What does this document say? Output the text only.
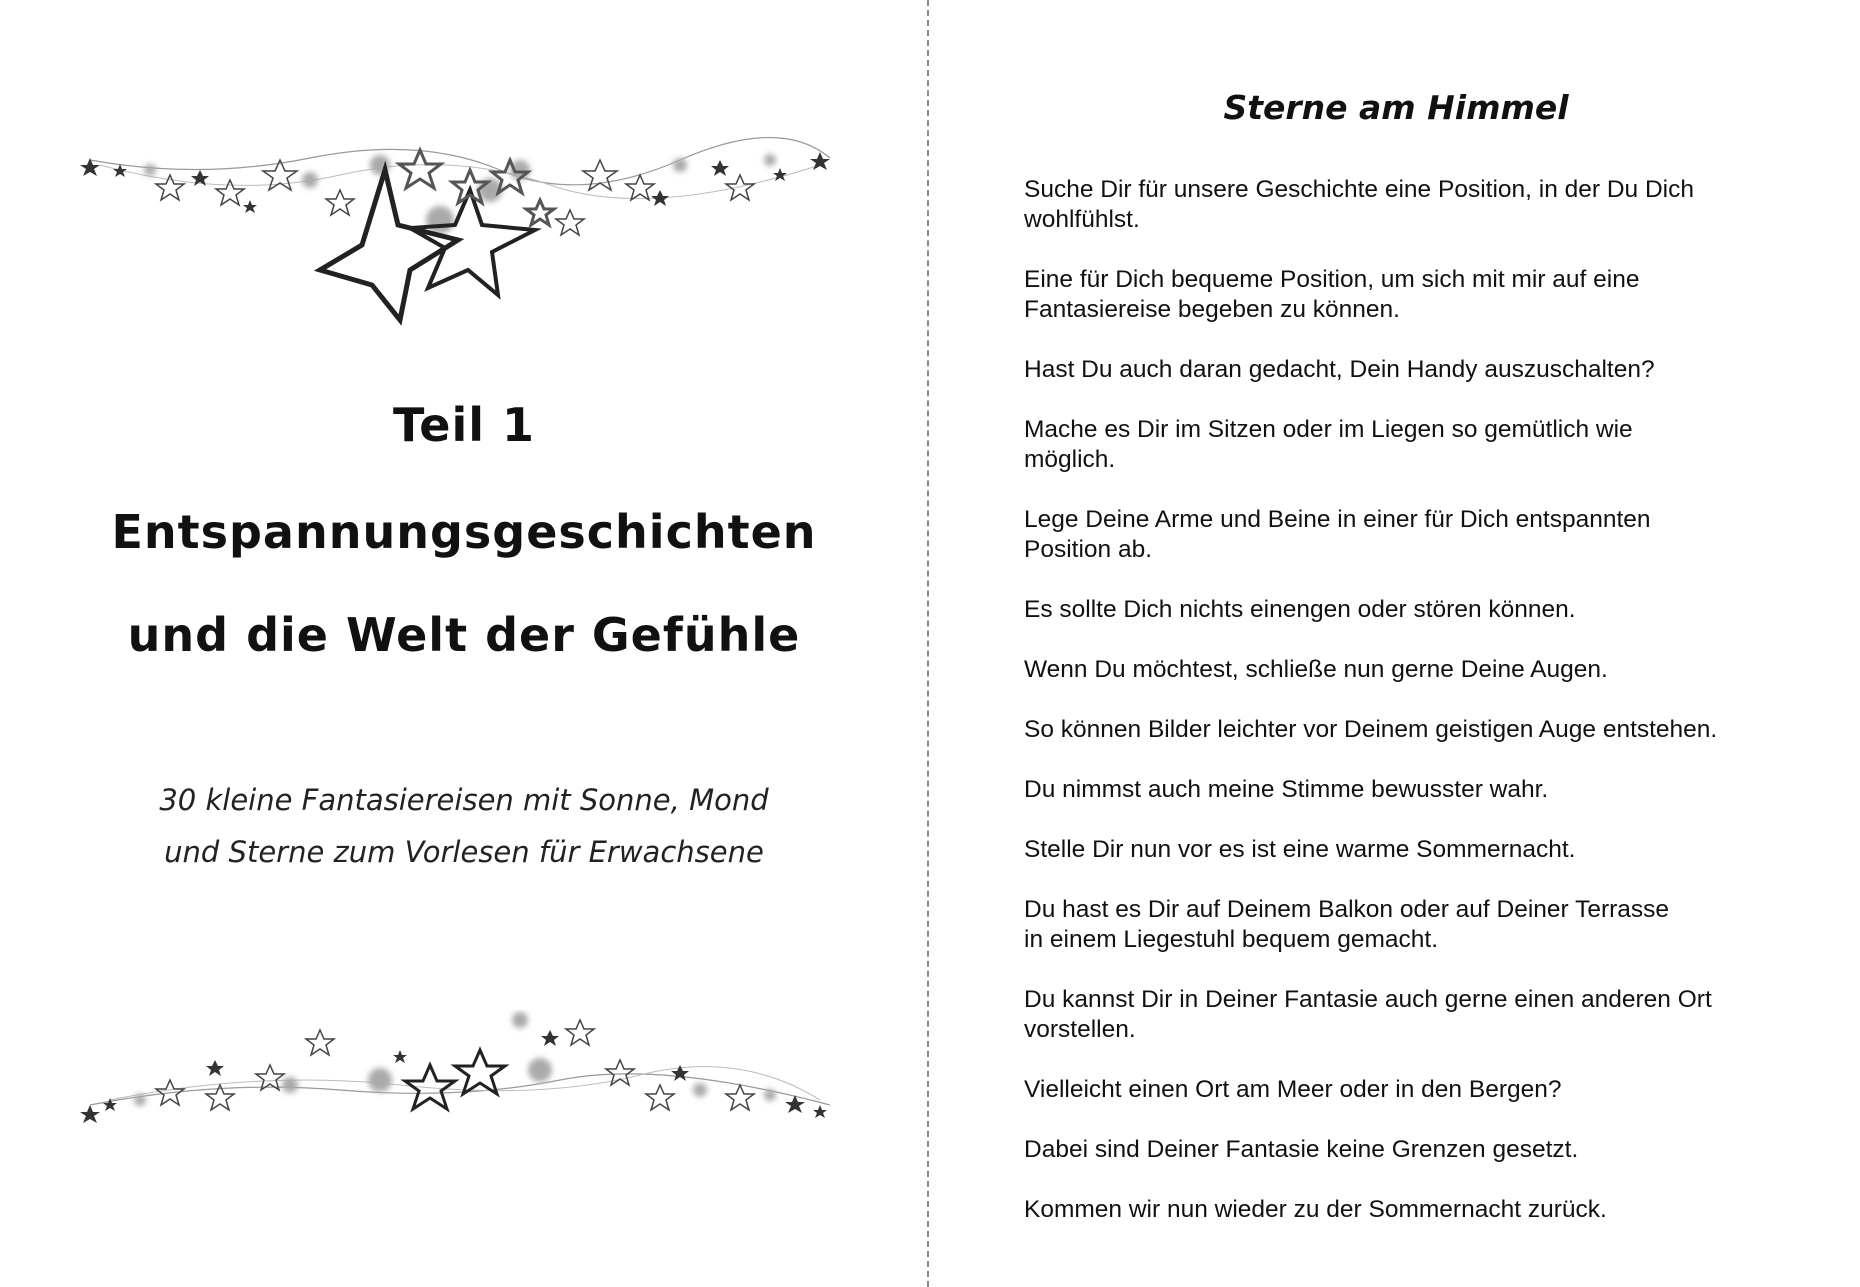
Teil 1
Entspannungsgeschichten
und die Welt der Gefühle
30 kleine Fantasiereisen mit Sonne, Mond
und Sterne zum Vorlesen für Erwachsene
Sterne am Himmel

Suche Dir für unsere Geschichte eine Position, in der Du Dich
wohlfühlst.

Eine für Dich bequeme Position, um sich mit mir auf eine
Fantasiereise begeben zu können.

Hast Du auch daran gedacht, Dein Handy auszuschalten?

Mache es Dir im Sitzen oder im Liegen so gemütlich wie
möglich.

Lege Deine Arme und Beine in einer für Dich entspannten
Position ab.

Es sollte Dich nichts einengen oder stören können.

Wenn Du möchtest, schließe nun gerne Deine Augen.

So können Bilder leichter vor Deinem geistigen Auge entstehen.

Du nimmst auch meine Stimme bewusster wahr.

Stelle Dir nun vor es ist eine warme Sommernacht.

Du hast es Dir auf Deinem Balkon oder auf Deiner Terrasse
in einem Liegestuhl bequem gemacht.

Du kannst Dir in Deiner Fantasie auch gerne einen anderen Ort
vorstellen.

Vielleicht einen Ort am Meer oder in den Bergen?

Dabei sind Deiner Fantasie keine Grenzen gesetzt.

Kommen wir nun wieder zu der Sommernacht zurück.
